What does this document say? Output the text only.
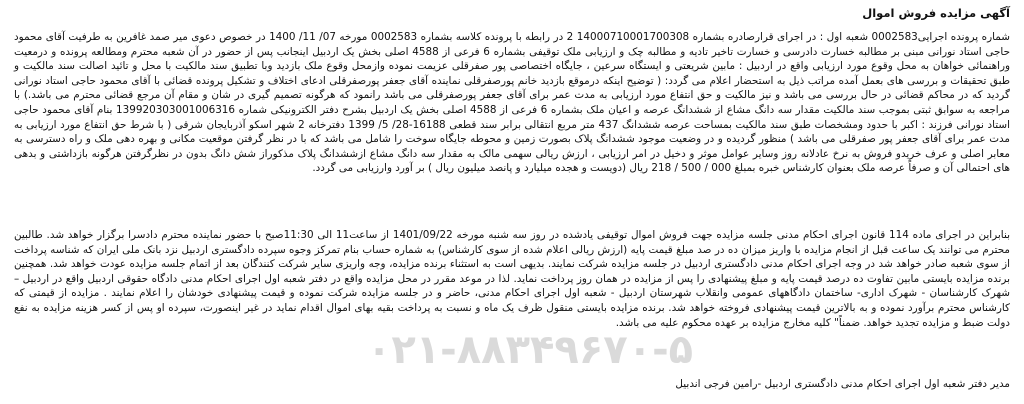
آگهی مزایده فروش اموال
شماره پرونده اجرایی0002583 شعبه اول : در اجرای قرارصادره بشماره 14000710001700308 2 در رابطه با پرونده کلاسه بشماره 0002583 مورخه 07/ 11/ 1400 در خصوص دعوی میر صمد غافرین به طرفیت آقای محمود حاجی استاد نورانی مبنی بر مطالبه خسارت دادرسی و خسارت تاخیر تادیه و مطالبه چک و ارزیابی ملک توقیفی بشماره 6 فرعی از 4588 اصلی بخش یک اردبیل اینجانب پس از حضور در آن شعبه محترم ومطالعه پرونده و درمعیت وراهنمائی خواهان به محل وقوع مورد ارزیابی واقع در اردبیل : مابین شریعتی و ایستگاه سرعین ، جایگاه اختصاصی پور صفرقلی عزیمت نموده وازمحل وقوع ملک بازدید وبا تطبیق سند مالکیت با محل و تائید اصالت سند مالکیت و طبق تحقیقات و بررسی های بعمل آمده مراتب ذیل به استحضار اعلام می گردد: ( توضیح اینکه درموقع بازدید خانم پورصفرقلی نماینده آقای جعفر پورصفرقلی ادعای اختلاف و تشکیل پرونده قضائی با آقای محمود حاجی استاد نورانی گردید که در محاکم قضائی در حال بررسی می باشد و نیز مالکیت و حق انتفاع مورد ارزیابی به مدت عمر برای آقای جعفر پورصفرقلی می باشد رانمود که هرگونه تصمیم گیری در شان و مقام آن مرجع قضائی محترم می باشد.) با مراجعه به سوابق ثبتی بموجب سند مالکیت مقدار سه دانگ مشاع از ششدانگ عرصه و اعیان ملک بشماره 6 فرعی از 4588 اصلی بخش یک اردبیل بشرح دفتر الکترونیکی شماره 139920303001006316 بنام آقای محمود حاجی استاد نورانی فرزند : اکبر با حدود ومشخصات طبق سند مالکیت بمساحت عرصه ششدانگ 437 متر مربع انتقالی برابر سند قطعی 16188-28/ 5/ 1399 دفترخانه 2 شهر اسکو آذربایجان شرقی ( با شرط حق انتفاع مورد ارزیابی به مدت عمر برای آقای جعفر پور صفرقلی می باشد ) منظور گردیده و در وضعیت موجود ششدانگ پلاک بصورت زمین و محوطه جایگاه سوخت را شامل می باشد که با در نظر گرفتن موقعیت مکانی و بهره دهی ملک و راه دسترسی به معابر اصلی و عرف خریدو فروش به نرخ عادلانه روز وسایر عوامل موثر و دخیل در امر ارزیابی ، ارزش ریالی سهمی مالک به مقدار سه دانگ مشاع ازششدانگ پلاک مذکوراز شش دانگ بدون در نظرگرفتن هرگونه بازداشتی و بدهی های احتمالی آن و صرفاً عرصه ملک بعنوان کارشناس خبره بمبلغ 000 / 500 / 218 ریال (دویست و هجده میلیارد و پانصد میلیون ریال ) بر آورد وارزیابی می گردد.
بنابراین در اجرای ماده 114 قانون اجرای احکام مدنی جلسه مزایده جهت فروش اموال توقیفی یادشده در روز سه شنبه مورخه 1401/09/22 از ساعت11 الی 11:30صبح با حضور نماینده محترم دادسرا برگزار خواهد شد. طالبین محترم می توانند یک ساعت قبل از انجام مزایده با واریز میزان ده در صد مبلغ قیمت پایه (ارزش ریالی اعلام شده از سوی کارشناس) به شماره حساب بنام تمرکز وجوه سپرده دادگستری اردبیل نزد بانک ملی ایران که شناسه پرداخت از سوی شعبه صادر خواهد شد در وجه اجرای احکام مدنی دادگستری اردبیل در جلسه مزایده شرکت نمایند. بدیهی است به استثناء برنده مزایده، وجه واریزی سایر شرکت کنندگان بعد از اتمام جلسه مزایده عودت خواهد شد. همچنین برنده مزایده بایستی مابین تفاوت ده درصد قیمت پایه و مبلغ پیشنهادی را پس از مزایده در همان روز پرداخت نماید. لذا در موعد مقرر در محل مزایده واقع در دفتر شعبه اول اجرای احکام مدنی دادگاه حقوقی اردبیل واقع در اردبیل – شهرک کارشناسان - شهرک اداری- ساختمان دادگاههای عمومی وانقلاب شهرستان اردبیل - شعبه اول اجرای احکام مدنی، حاضر و در جلسه مزایده شرکت نموده و قیمت پیشنهادی خودشان را اعلام نمایند . مزایده از قیمتی که کارشناس محترم برآورد نموده و به بالاترین قیمت پیشنهادی فروخته خواهد شد. برنده مزایده بایستی منقول ظرف یک ماه و نسبت به پرداخت بقیه بهای اموال اقدام نماید در غیر اینصورت، سپرده او پس از کسر هزینه مزایده به نفع دولت ضبط و مزایده تجدید خواهد. ضمناً" کلیه مخارج مزایده بر عهده محکوم علیه می باشد.
۰۲۱-۸۸۳۴۹۶۷۰-۵
مدیر دفتر شعبه اول اجرای احکام مدنی دادگستری اردبیل -رامین فرجی اندبیل
